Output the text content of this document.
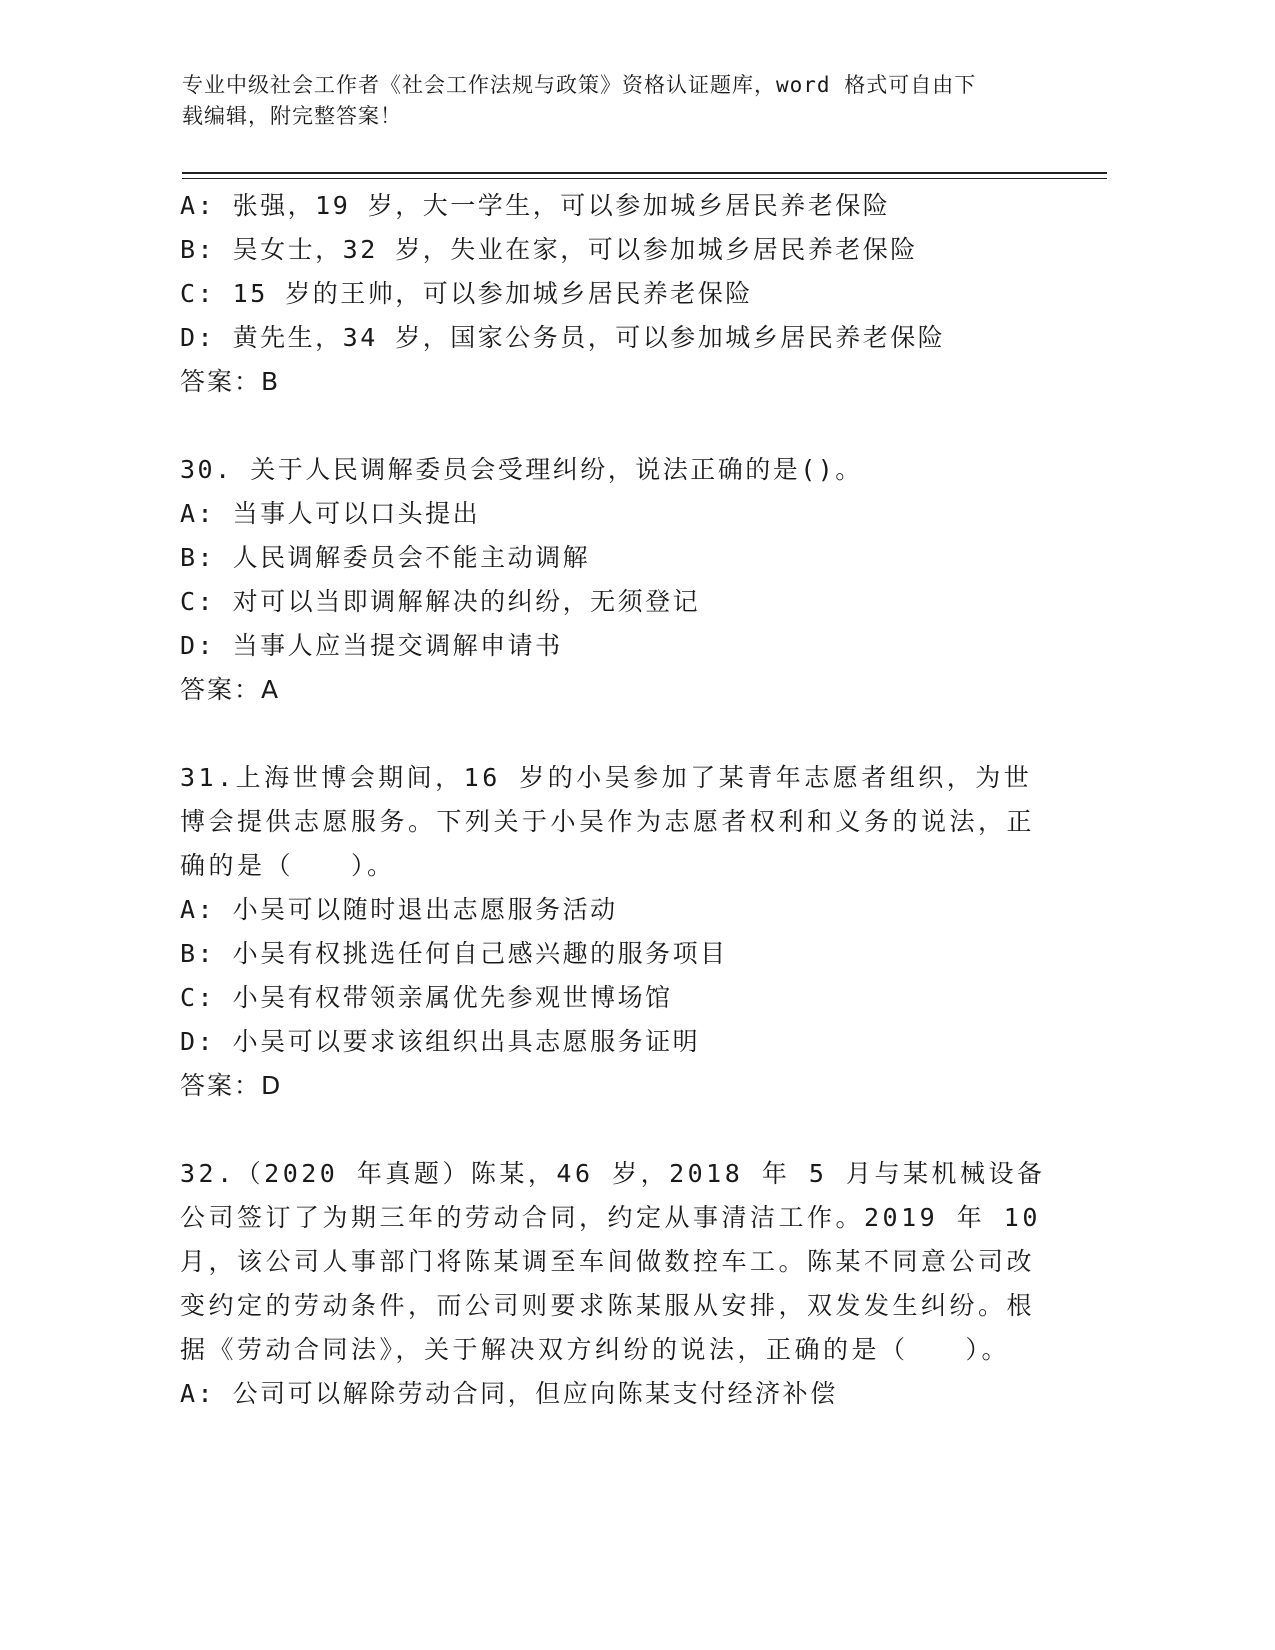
专业中级社会工作者《社会工作法规与政策》资格认证题库，word 格式可自由下
载编辑，附完整答案！
A: 张强，19 岁，大一学生，可以参加城乡居民养老保险
B: 吴女士，32 岁，失业在家，可以参加城乡居民养老保险
C: 15 岁的王帅，可以参加城乡居民养老保险
D: 黄先生，34 岁，国家公务员，可以参加城乡居民养老保险
答案：B
30. 关于人民调解委员会受理纠纷，说法正确的是()。
A: 当事人可以口头提出
B: 人民调解委员会不能主动调解
C: 对可以当即调解解决的纠纷，无须登记
D: 当事人应当提交调解申请书
答案：A
31.上海世博会期间，16 岁的小吴参加了某青年志愿者组织，为世博会提供志愿服务。下列关于小吴作为志愿者权利和义务的说法，正确的是（　　）。
A: 小吴可以随时退出志愿服务活动
B: 小吴有权挑选任何自己感兴趣的服务项目
C: 小吴有权带领亲属优先参观世博场馆
D: 小吴可以要求该组织出具志愿服务证明
答案：D
32.（2020 年真题）陈某，46 岁，2018 年 5 月与某机械设备公司签订了为期三年的劳动合同，约定从事清洁工作。2019 年 10 月，该公司人事部门将陈某调至车间做数控车工。陈某不同意公司改变约定的劳动条件，而公司则要求陈某服从安排，双发发生纠纷。根据《劳动合同法》，关于解决双方纠纷的说法，正确的是（　　）。
A: 公司可以解除劳动合同，但应向陈某支付经济补偿
